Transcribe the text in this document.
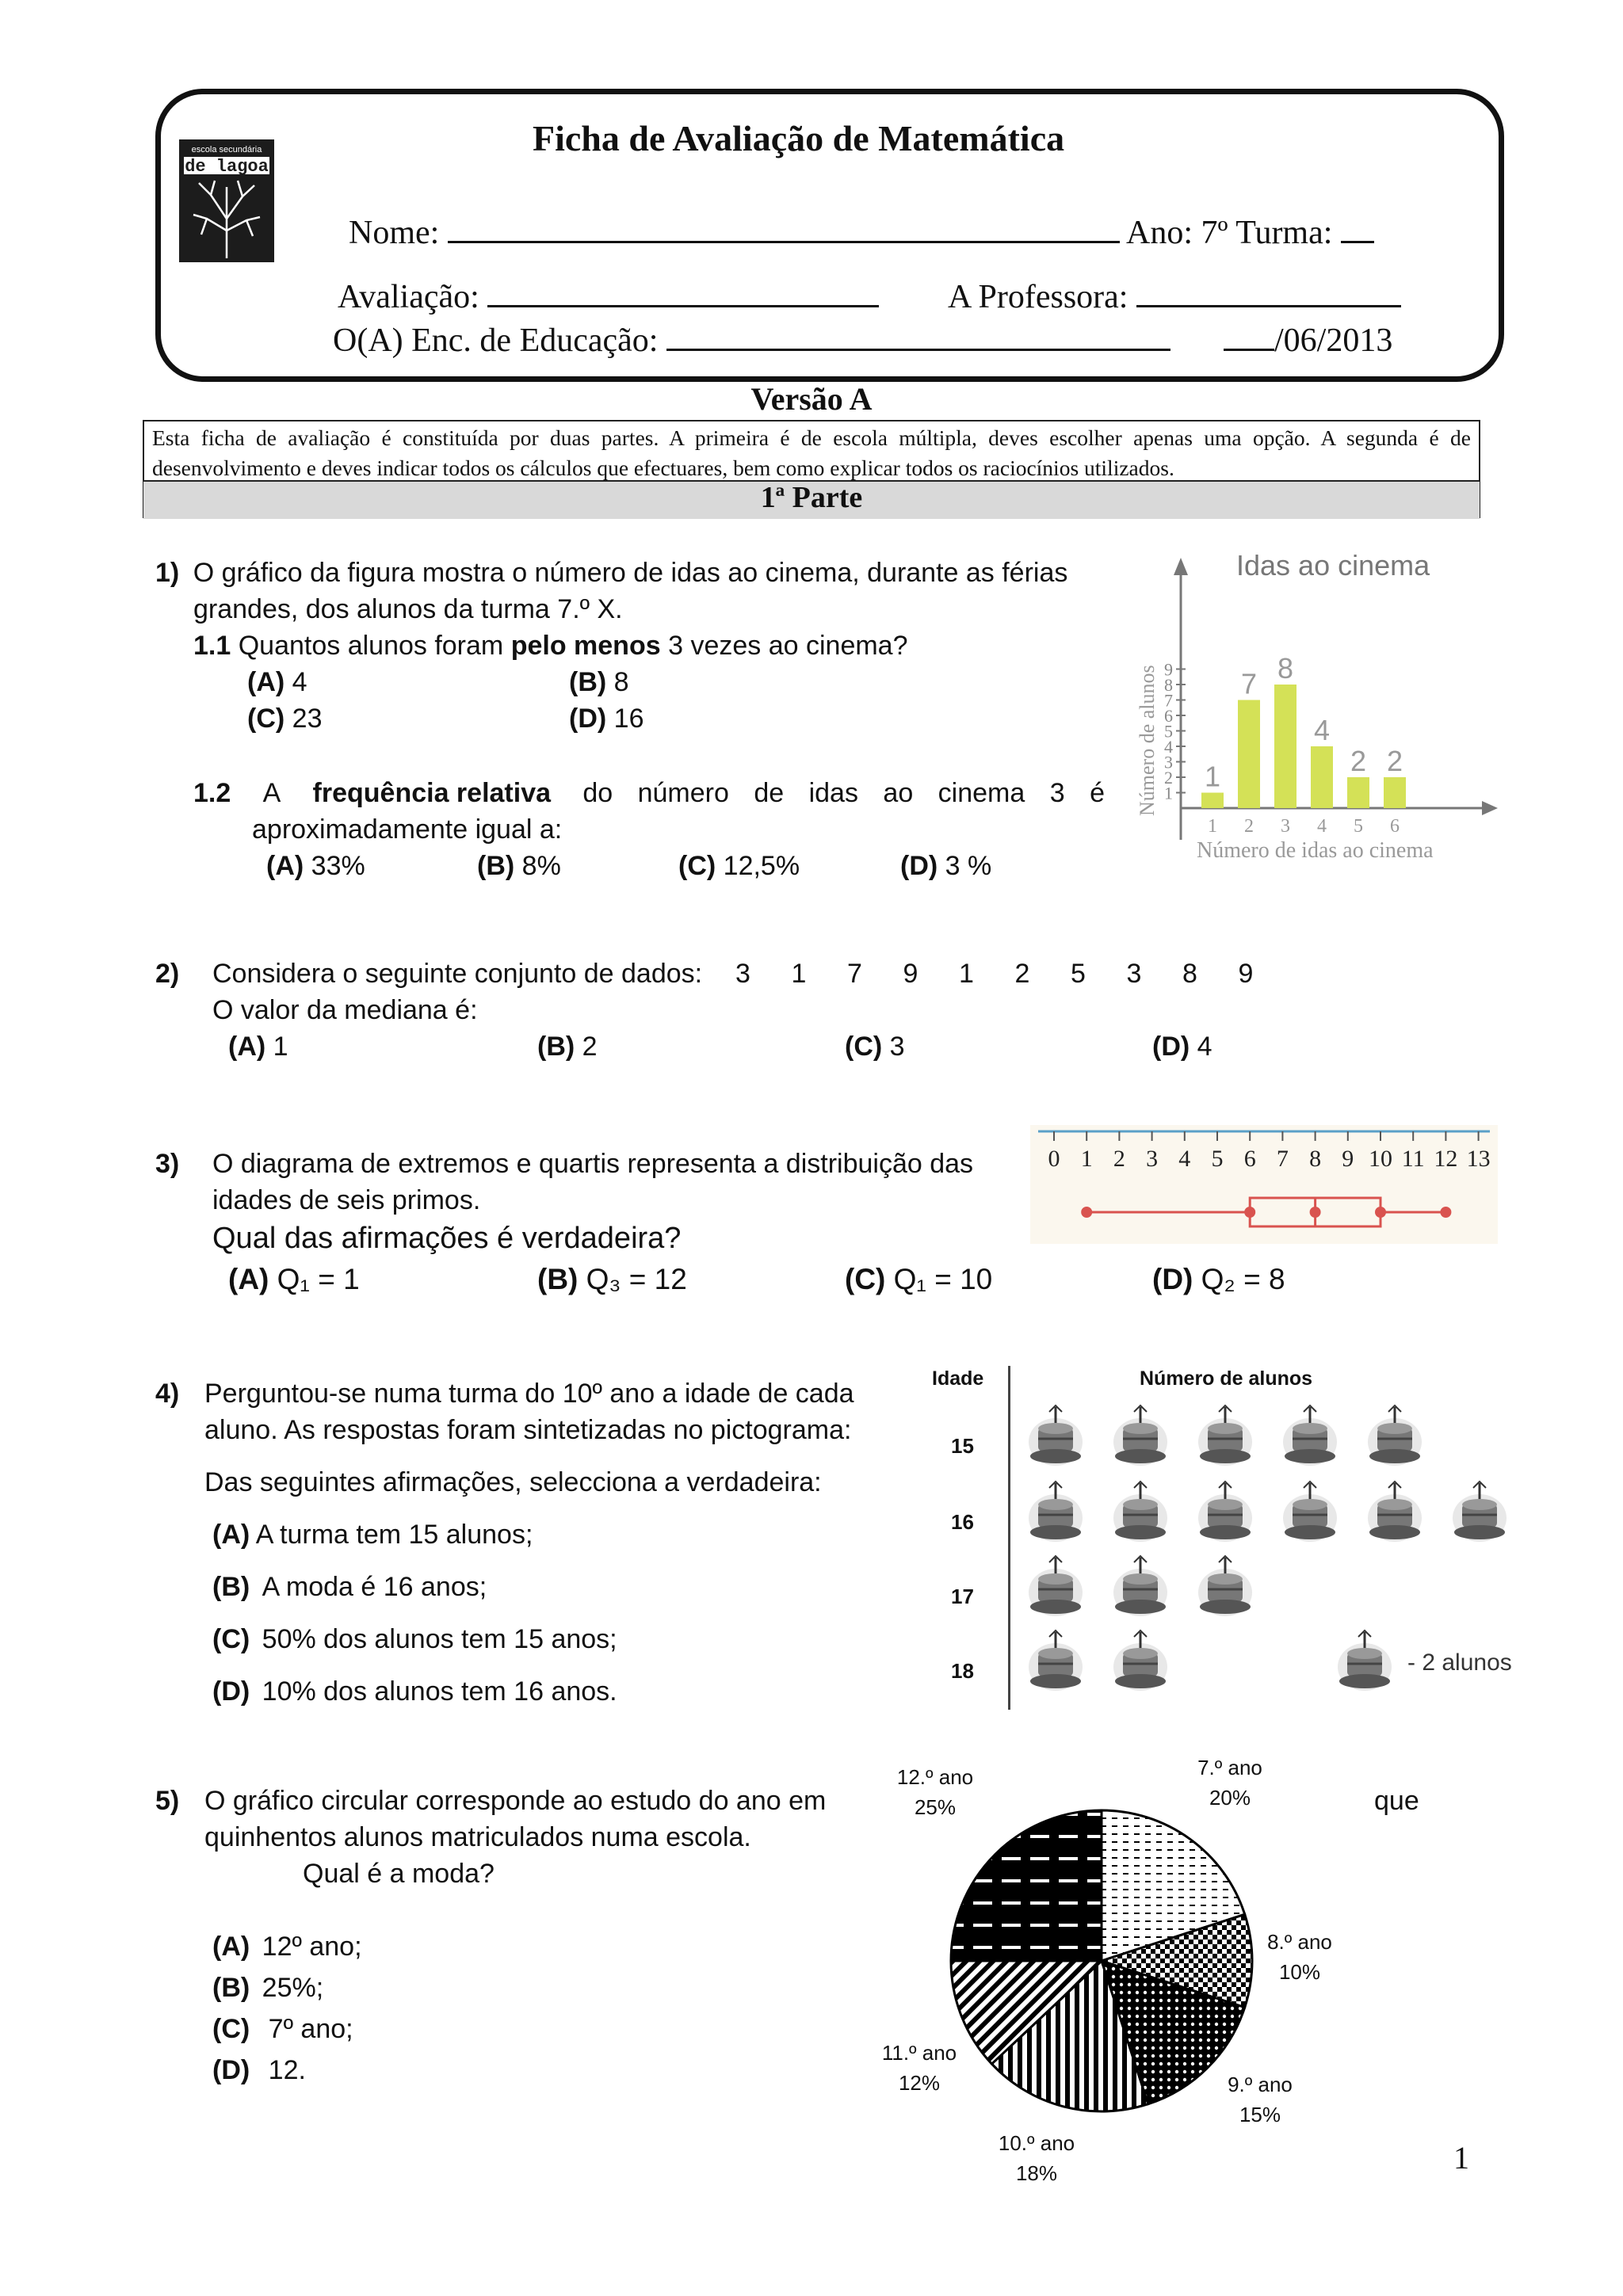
escola secundária
de lagoa
Ficha de Avaliação de Matemática
Nome:	Ano: 7º Turma:
Avaliação:	A Professora:
O(A) Enc. de Educação:	/06/2013
Versão A
Esta ficha de avaliação é constituída por duas partes. A primeira é de escola múltipla, deves escolher apenas uma opção. A segunda é de desenvolvimento e deves indicar todos os cálculos que efectuares, bem como explicar todos os raciocínios utilizados.
1ª Parte
1) O gráfico da figura mostra o número de idas ao cinema, durante as férias
grandes, dos alunos da turma 7.º X.
1.1 Quantos alunos foram pelo menos 3 vezes ao cinema?
(A) 4	(B) 8
(C) 23	(D) 16
1.2 A frequência relativa do número de idas ao cinema 3 é
aproximadamente igual a:
(A) 33%	(B) 8%	(C) 12,5%	(D) 3 %
Idas ao cinema
1
2
3
4
5
6
7
8
9
Número de alunos 1
1
7
2
8
3
4
4
2
5
2
6
Número de idas ao cinema
2) Considera o seguinte conjunto de dados: 3 1 7 9 1 2 5 3 8 9
O valor da mediana é:
(A) 1	(B) 2	(C) 3	(D) 4
3) O diagrama de extremos e quartis representa a distribuição das
idades de seis primos.
Qual das afirmações é verdadeira?
(A) Q₁ = 1	(B) Q₃ = 12	(C) Q₁ = 10	(D) Q₂ = 8
0 1 2 3 4 5 6 7 8 9 10 11 12 13
4) Perguntou-se numa turma do 10º ano a idade de cada
aluno. As respostas foram sintetizadas no pictograma:
Das seguintes afirmações, selecciona a verdadeira:
(A) A turma tem 15 alunos;
(B) A moda é 16 anos;
(C) 50% dos alunos tem 15 anos;
(D) 10% dos alunos tem 16 anos.
Idade	Número de alunos
15
16
17
18	- 2 alunos
5) O gráfico circular corresponde ao estudo do ano em	que
quinhentos alunos matriculados numa escola.
Qual é a moda?
(A) 12º ano;
(B) 25%;
(C) 7º ano;
(D) 12.
7.º ano
20%
8.º ano
10%
9.º ano
15%
10.º ano
18%
11.º ano
12%
12.º ano
25%
1
